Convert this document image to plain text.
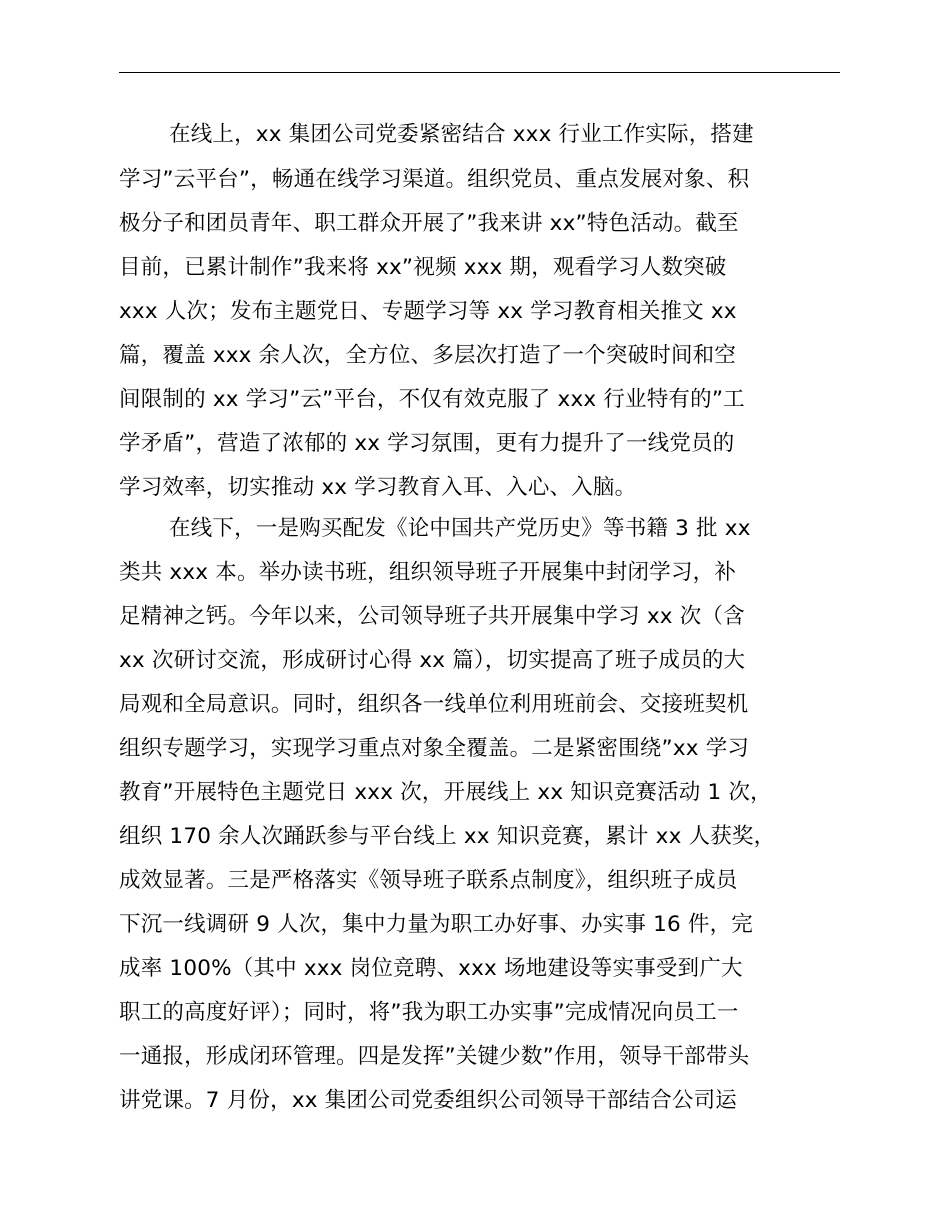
在线上，xx 集团公司党委紧密结合 xxx 行业工作实际，搭建
学习”云平台”，畅通在线学习渠道。组织党员、重点发展对象、积
极分子和团员青年、职工群众开展了”我来讲 xx”特色活动。截至
目前，已累计制作”我来将 xx”视频 xxx 期，观看学习人数突破
xxx 人次；发布主题党日、专题学习等 xx 学习教育相关推文 xx
篇，覆盖 xxx 余人次，全方位、多层次打造了一个突破时间和空
间限制的 xx 学习”云”平台，不仅有效克服了 xxx 行业特有的”工
学矛盾”，营造了浓郁的 xx 学习氛围，更有力提升了一线党员的
学习效率，切实推动 xx 学习教育入耳、入心、入脑。
在线下，一是购买配发《论中国共产党历史》等书籍 3 批 xx
类共 xxx 本。举办读书班，组织领导班子开展集中封闭学习，补
足精神之钙。今年以来，公司领导班子共开展集中学习 xx 次（含
xx 次研讨交流，形成研讨心得 xx 篇），切实提高了班子成员的大
局观和全局意识。同时，组织各一线单位利用班前会、交接班契机
组织专题学习，实现学习重点对象全覆盖。二是紧密围绕”xx 学习
教育”开展特色主题党日 xxx 次，开展线上 xx 知识竞赛活动 1 次，
组织 170 余人次踊跃参与平台线上 xx 知识竞赛，累计 xx 人获奖，
成效显著。三是严格落实《领导班子联系点制度》，组织班子成员
下沉一线调研 9 人次，集中力量为职工办好事、办实事 16 件，完
成率 100%（其中 xxx 岗位竞聘、xxx 场地建设等实事受到广大
职工的高度好评）；同时，将”我为职工办实事”完成情况向员工一
一通报，形成闭环管理。四是发挥”关键少数”作用，领导干部带头
讲党课。7 月份，xx 集团公司党委组织公司领导干部结合公司运
